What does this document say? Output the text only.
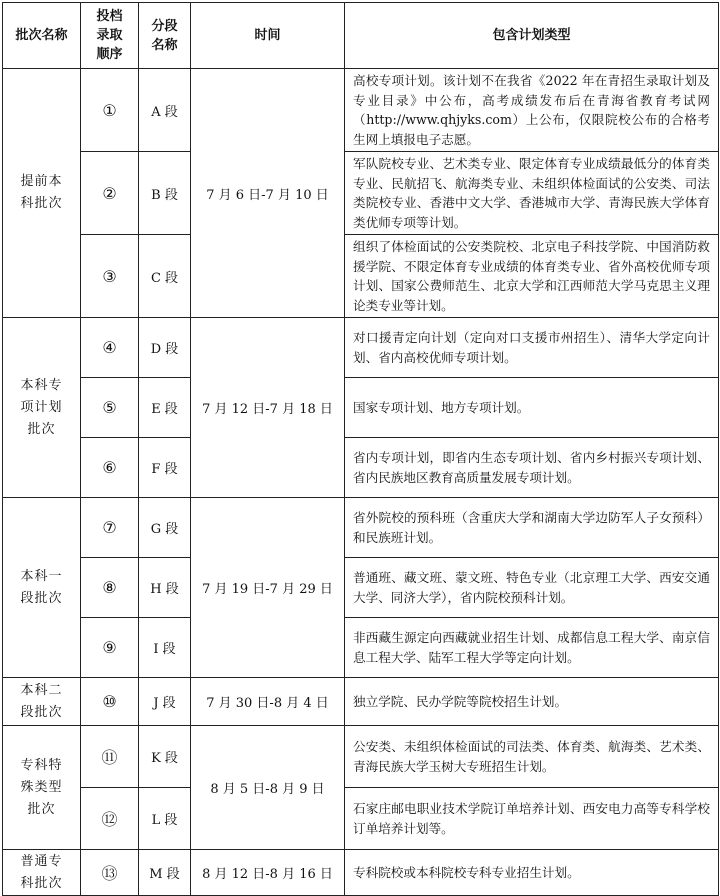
批次名称	投档录取顺序	分段名称	时间	包含计划类型

提前本科批次	①	A 段	7 月 6 日-7 月 10 日	高校专项计划。该计划不在我省《2022 年在青招生录取计划及专业目录》中公布，高考成绩发布后在青海省教育考试网（http://www.qhjyks.com）上公布，仅限院校公布的合格考生网上填报电子志愿。
	②	B 段		军队院校专业、艺术类专业、限定体育专业成绩最低分的体育类专业、民航招飞、航海类专业、未组织体检面试的公安类、司法类院校专业、香港中文大学、香港城市大学、青海民族大学体育类优师专项等计划。
	③	C 段		组织了体检面试的公安类院校、北京电子科技学院、中国消防救援学院、不限定体育专业成绩的体育类专业、省外高校优师专项计划、国家公费师范生、北京大学和江西师范大学马克思主义理论类专业等计划。

本科专项计划批次	④	D 段	7 月 12 日-7 月 18 日	对口援青定向计划（定向对口支援市州招生）、清华大学定向计划、省内高校优师专项计划。
	⑤	E 段		国家专项计划、地方专项计划。
	⑥	F 段		省内专项计划，即省内生态专项计划、省内乡村振兴专项计划、省内民族地区教育高质量发展专项计划。

本科一段批次	⑦	G 段	7 月 19 日-7 月 29 日	省外院校的预科班（含重庆大学和湖南大学边防军人子女预科）和民族班计划。
	⑧	H 段		普通班、藏文班、蒙文班、特色专业（北京理工大学、西安交通大学、同济大学），省内院校预科计划。
	⑨	I 段		非西藏生源定向西藏就业招生计划、成都信息工程大学、南京信息工程大学、陆军工程大学等定向计划。

本科二段批次	⑩	J 段	7 月 30 日-8 月 4 日	独立学院、民办学院等院校招生计划。

专科特殊类型批次	⑪	K 段	8 月 5 日-8 月 9 日	公安类、未组织体检面试的司法类、体育类、航海类、艺术类、青海民族大学玉树大专班招生计划。
	⑫	L 段		石家庄邮电职业技术学院订单培养计划、西安电力高等专科学校订单培养计划等。

普通专科批次	⑬	M 段	8 月 12 日-8 月 16 日	专科院校或本科院校专科专业招生计划。
